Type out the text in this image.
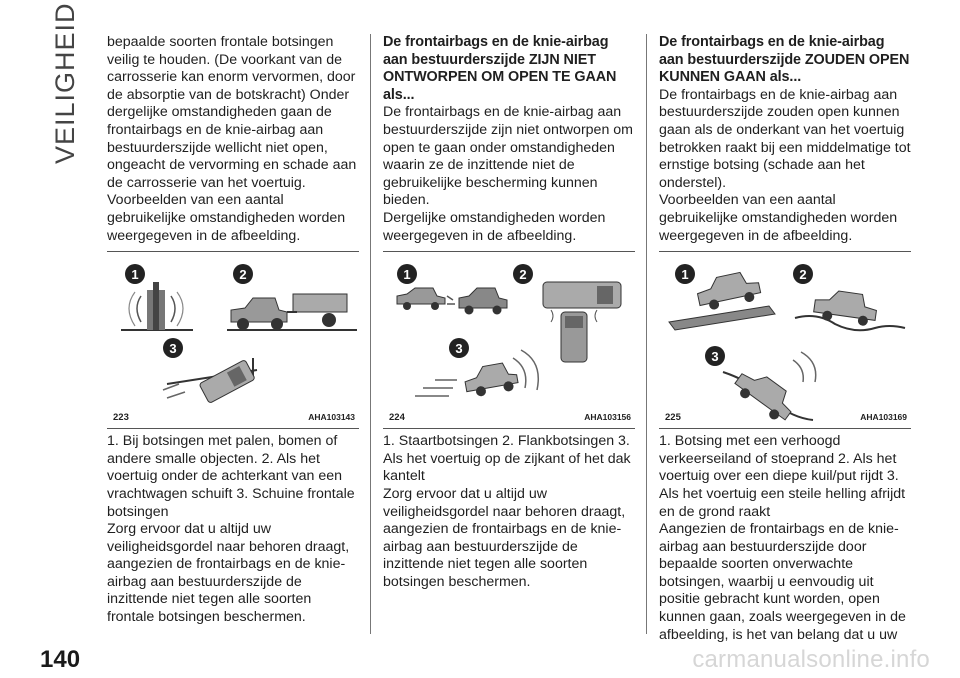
VEILIGHEID	bepaalde soorten frontale botsingen veilig te houden. (De voorkant van de carrosserie kan enorm vervormen, door de absorptie van de botskracht) Onder dergelijke omstandigheden gaan de frontairbags en de knie-airbag aan bestuurderszijde wellicht niet open, ongeacht de vervorming en schade aan de carrosserie van het voertuig.

Voorbeelden van een aantal gebruikelijke omstandigheden worden weergegeven in de afbeelding.

1	2
3
223	AHA103143

1. Bij botsingen met palen, bomen of andere smalle objecten. 2. Als het voertuig onder de achterkant van een vrachtwagen schuift 3. Schuine frontale botsingen

Zorg ervoor dat u altijd uw veiligheidsgordel naar behoren draagt, aangezien de frontairbags en de knie-airbag aan bestuurderszijde de inzittende niet tegen alle soorten frontale botsingen beschermen.

De frontairbags en de knie-airbag aan bestuurderszijde ZIJN NIET ONTWORPEN OM OPEN TE GAAN als...

De frontairbags en de knie-airbag aan bestuurderszijde zijn niet ontworpen om open te gaan onder omstandigheden waarin ze de inzittende niet de gebruikelijke bescherming kunnen bieden.

Dergelijke omstandigheden worden weergegeven in de afbeelding.

1	2
3
224	AHA103156

1. Staartbotsingen 2. Flankbotsingen 3. Als het voertuig op de zijkant of het dak kantelt

Zorg ervoor dat u altijd uw veiligheidsgordel naar behoren draagt, aangezien de frontairbags en de knie-airbag aan bestuurderszijde de inzittende niet tegen alle soorten botsingen beschermen.

De frontairbags en de knie-airbag aan bestuurderszijde ZOUDEN OPEN KUNNEN GAAN als...

De frontairbags en de knie-airbag aan bestuurderszijde zouden open kunnen gaan als de onderkant van het voertuig betrokken raakt bij een middelmatige tot ernstige botsing (schade aan het onderstel).

Voorbeelden van een aantal gebruikelijke omstandigheden worden weergegeven in de afbeelding.

1	2
3
225	AHA103169

1. Botsing met een verhoogd verkeerseiland of stoeprand 2. Als het voertuig over een diepe kuil/put rijdt 3. Als het voertuig een steile helling afrijdt en de grond raakt

Aangezien de frontairbags en de knie-airbag aan bestuurderszijde door bepaalde soorten onverwachte botsingen, waarbij u eenvoudig uit positie gebracht kunt worden, open kunnen gaan, zoals weergegeven in de afbeelding, is het van belang dat u uw

140	carmanualsonline.info
